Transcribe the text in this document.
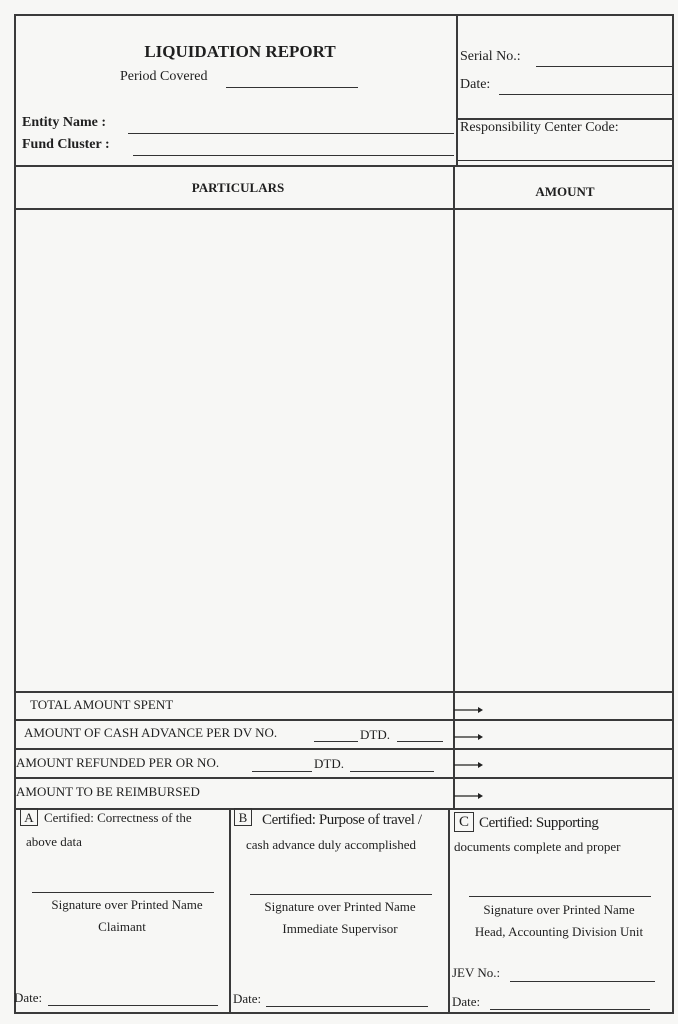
LIQUIDATION REPORT
Period Covered
Entity Name :
Fund Cluster :
Serial No.:
Date:
Responsibility Center Code:
PARTICULARS	AMOUNT
TOTAL AMOUNT SPENT
AMOUNT OF CASH ADVANCE PER DV NO.	DTD.
AMOUNT REFUNDED PER OR NO.	DTD.
AMOUNT TO BE REIMBURSED
A Certified: Correctness of the
above data
Signature over Printed Name
Claimant
Date:
B Certified: Purpose of travel /
cash advance duly accomplished
Signature over Printed Name
Immediate Supervisor
Date:
C Certified: Supporting
documents complete and proper
Signature over Printed Name
Head, Accounting Division Unit
JEV No.:
Date:
